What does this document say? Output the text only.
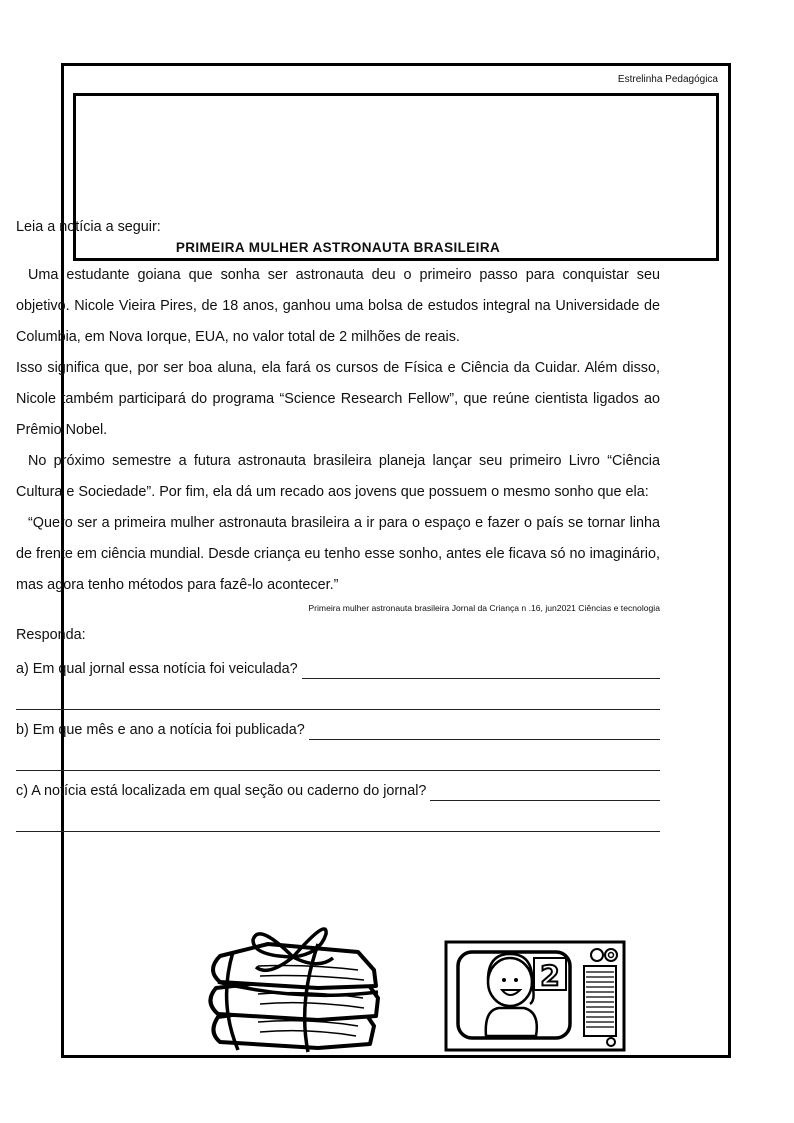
Estrelinha Pedagógica

Leia a notícia a seguir:

PRIMEIRA MULHER ASTRONAUTA BRASILEIRA

Uma estudante goiana que sonha ser astronauta deu o primeiro passo para conquistar seu objetivo. Nicole Vieira Pires, de 18 anos, ganhou uma bolsa de estudos integral na Universidade de Columbia, em Nova Iorque, EUA, no valor total de 2 milhões de reais.

Isso significa que, por ser boa aluna, ela fará os cursos de Física e Ciência da Cuidar. Além disso, Nicole também participará do programa “Science Research Fellow”, que reúne cientista ligados ao Prêmio Nobel.

No próximo semestre a futura astronauta brasileira planeja lançar seu primeiro Livro “Ciência Cultura e Sociedade”. Por fim, ela dá um recado aos jovens que possuem o mesmo sonho que ela:

“Quero ser a primeira mulher astronauta brasileira a ir para o espaço e fazer o país se tornar linha de frente em ciência mundial. Desde criança eu tenho esse sonho, antes ele ficava só no imaginário, mas agora tenho métodos para fazê-lo acontecer.”

Primeira mulher astronauta brasileira Jornal da Criança n .16, jun2021 Ciências e tecnologia

Responda:

a) Em qual jornal essa notícia foi veiculada?
b) Em que mês e ano a notícia foi publicada?
c) A notícia está localizada em qual seção ou caderno do jornal?
2
